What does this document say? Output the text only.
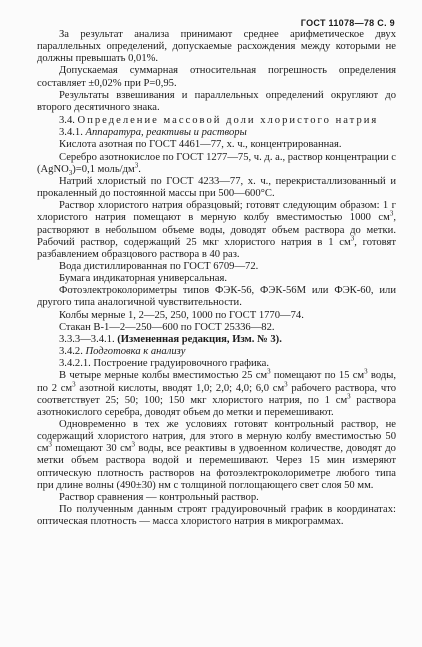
ГОСТ 11078—78 С. 9

За результат анализа принимают среднее арифметическое двух параллельных определений, допускаемые расхождения между которыми не должны превышать 0,01%.

Допускаемая суммарная относительная погрешность определения составляет ±0,02% при P=0,95.

Результаты взвешивания и параллельных определений округляют до второго десятичного знака.

3.4. Определение массовой доли хлористого натрия

3.4.1. Аппаратура, реактивы и растворы

Кислота азотная по ГОСТ 4461—77, х. ч., концентрированная.

Серебро азотнокислое по ГОСТ 1277—75, ч. д. а., раствор концентрации с (AgNO$_3$)=0,1 моль/$дм^3$.

Натрий хлористый по ГОСТ 4233—77, х. ч., перекристаллизованный и прокаленный до постоянной массы при 500—600°С.

Раствор хлористого натрия образцовый; готовят следующим образом: 1 г хлористого натрия помещают в мерную колбу вместимостью 1000 $см^3$, растворяют в небольшом объеме воды, доводят объем раствора до метки. Рабочий раствор, содержащий 25 мкг хлористого натрия в 1 $см^3$, готовят разбавлением образцового раствора в 40 раз.

Вода дистиллированная по ГОСТ 6709—72.

Бумага индикаторная универсальная.

Фотоэлектроколориметры типов ФЭК-56, ФЭК-56М или ФЭК-60, или другого типа аналогичной чувствительности.

Колбы мерные 1, 2—25, 250, 1000 по ГОСТ 1770—74.

Стакан В-1—2—250—600 по ГОСТ 25336—82.

3.3.3—3.4.1. (Измененная редакция, Изм. № 3).

3.4.2. Подготовка к анализу

3.4.2.1. Построение градуировочного графика.

В четыре мерные колбы вместимостью 25 $см^3$ помещают по 15 $см^3$ воды, по 2 $см^3$ азотной кислоты, вводят 1,0; 2,0; 4,0; 6,0 $см^3$ рабочего раствора, что соответствует 25; 50; 100; 150 мкг хлористого натрия, по 1 $см^3$ раствора азотнокислого серебра, доводят объем до метки и перемешивают.

Одновременно в тех же условиях готовят контрольный раствор, не содержащий хлористого натрия, для этого в мерную колбу вместимостью 50 $см^3$ помещают 30 $см^3$ воды, все реактивы в удвоенном количестве, доводят до метки объем раствора водой и перемешивают. Через 15 мин измеряют оптическую плотность растворов на фотоэлектроколориметре любого типа при длине волны (490±30) нм с толщиной поглощающего свет слоя 50 мм.

Раствор сравнения — контрольный раствор.

По полученным данным строят градуировочный график в координатах: оптическая плотность — масса хлористого натрия в микрограммах.
